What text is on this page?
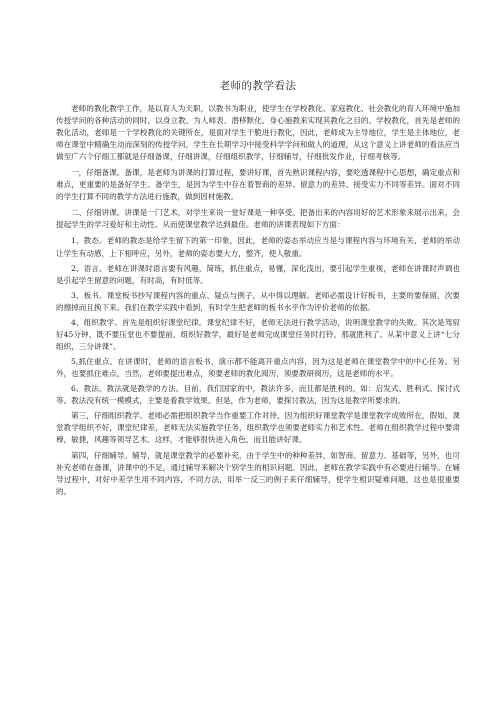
老师的教学看法

老师的教化教学工作，是以育人为天职，以教书为职业，使学生在学校教化、家庭教化、社会教化的育人环境中施加传授学问的各种活动的同时，以身立教、为人师表、潜移默化、身心施教来实现其教化之目的。学校教化，首先是老师的教化活动，老师是一个学校教化的关键所在，是面对学生干脆进行教化，因此，老师成为主导地位，学生是主体地位，老师在课堂中精确生动而深刻的传授学问，学生在长期学习中接受科学学问和做人的道理，从这个意义上讲老师的看法应当做至广六个仔细工都就是仔细备课，仔细讲课，仔细组织教学，仔细辅导，仔细批发作业，仔细考核等。

一，仔细备课。备课，是老师为讲课的打算过程，要讲好课，首先熟识课程内容，要吃透课程中心思想，确定重点和难点，更重要的是备好学生。备学生，是因为学生中存在着智商的差异、留意力的差异、接受实力不同等差异。面对不同的学生打算不同的教学方法进行施教，做到因材施教。

二、仔细讲课。讲课是一门艺术，对学生来说一堂好课是一种享受。把备出来的内容用好的艺术形象来展示出来，会提起学生的学习爱好和主动性。从而使课堂教学达到最佳。老师的讲课表现如下方面：

1、教态。老师的教态是给学生留下的第一印象，因此，老师的姿态举动应当是与课程内容与环境有关，老师的举动让学生有动感，上下相呼应，另外，老师的姿态要大方，整齐，使人敬重。

2、语言。老师在讲课时语言要有风趣，简练，抓住重点，易懂，深化浅出，要引起学生重视，老师在讲课时声调也是引起学生留意的问题，有时高，有时低等。

3、板书。课堂板书抄写课程内容的重点、疑点与例子，从中得以理解。老师必需设计好板书，主要的要保留，次要的擦掉而且换下来。我们在教学实践中看到，有时学生把老师的板书水平作为评价老师的依据。

4、组织教学。首先是组织好课堂纪律。课堂纪律不好，老师无法进行教学活动，说明课堂教学的失败。其次是驾驭好45分钟，既不要压堂也不要提前，组织好教学，最好是老师完成课堂任务时打铃，那就胜利了。从某中意义上讲“七分组织，三分讲课”。

5,抓住重点。在讲课时，老师的语言板书，演示都不能离开重点内容，因为这是老师在课堂教学中的中心任务。另外，也要抓住难点，当然，老师要提出难点，须要老师的教化阅历，须要教研阅历，这是老师的水平。

6、教法。教法就是教学的方法。目前，我们国家的中，教法许多，而且都是胜利的。如：启发式、胜利式、探讨式等。教法没有统一模模式，主要是看教学效果。但是，作为老师，要探讨教法，因为这是教学所要求的。

第三，仔细组织教学。老师必需把组织教学当作重要工作对待，因为组织好课堂教学是课堂教学成败所在，假如，课堂教学组织不好，课堂纪律差，老师无法实施教学任务，组织教学也须要老师实力和艺术性。老师在组织教学过程中要肃穆，敏捷，风趣等领导艺术。这样，才能够很快进入角色，而且能讲好课。

第四，仔细辅导。辅导，就是课堂教学的必要补充，由于学生中的种种差异，如智商、留意力、基础等，另外，也可补充老师在备课，讲课中的不足，通过辅导来解决个别学生的相识问题。因此，老师在教学实践中有必要进行辅导。在辅导过程中，对好中差学生用不同内容，不同方法，用举一反三的例子来仔细辅导，使学生相识疑难问题，这也是很重要的。
